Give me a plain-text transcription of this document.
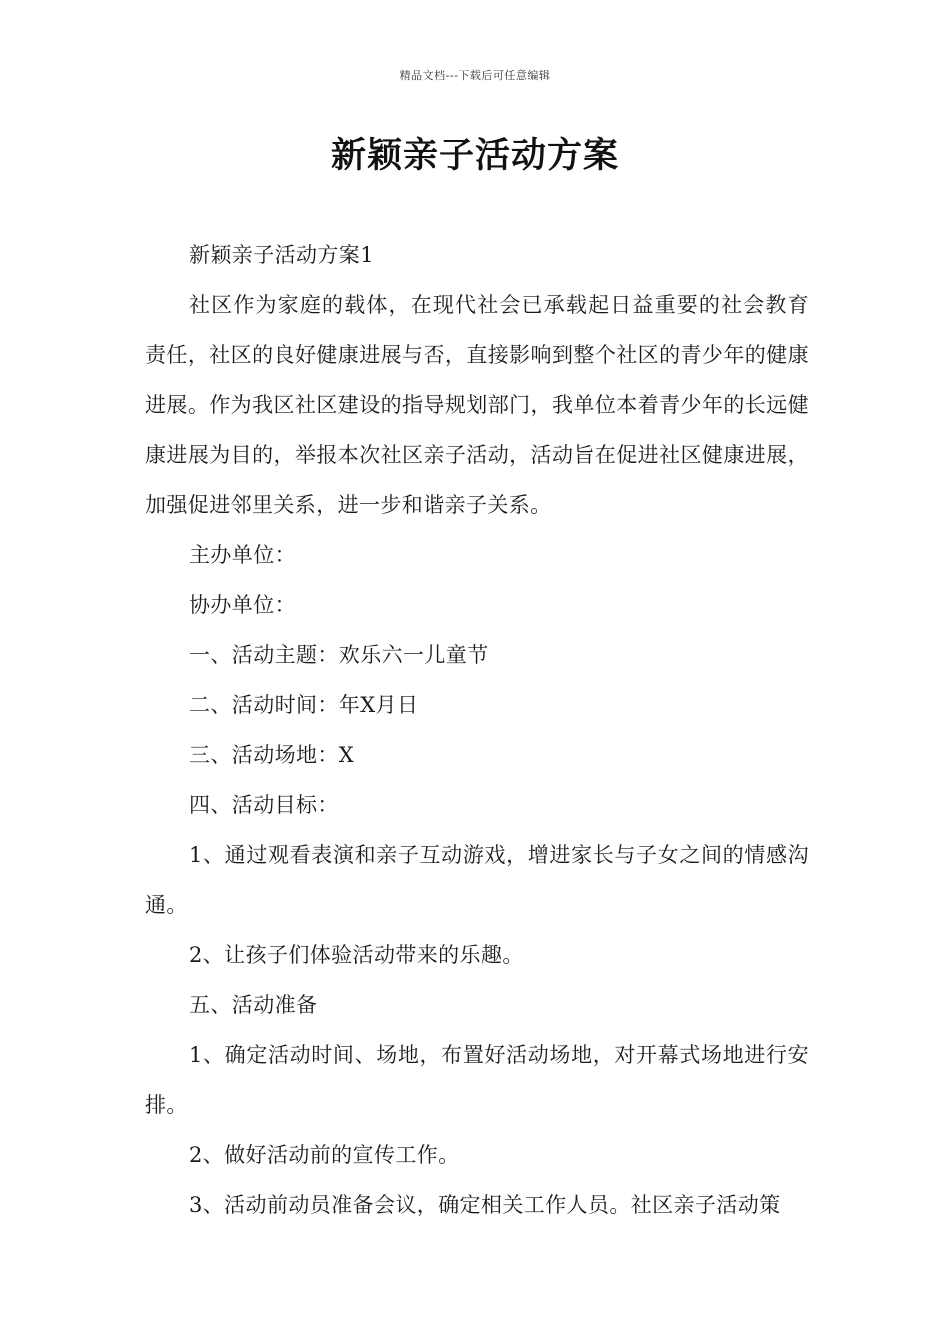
精品文档---下载后可任意编辑
新颖亲子活动方案

新颖亲子活动方案1

社区作为家庭的载体，在现代社会已承载起日益重要的社会教育责任，社区的良好健康进展与否，直接影响到整个社区的青少年的健康进展。作为我区社区建设的指导规划部门，我单位本着青少年的长远健康进展为目的，举报本次社区亲子活动，活动旨在促进社区健康进展，加强促进邻里关系，进一步和谐亲子关系。

主办单位：

协办单位：

一、活动主题：欢乐六一儿童节

二、活动时间：年X月日

三、活动场地：X

四、活动目标：

1、通过观看表演和亲子互动游戏，增进家长与子女之间的情感沟通。

2、让孩子们体验活动带来的乐趣。

五、活动准备

1、确定活动时间、场地，布置好活动场地，对开幕式场地进行安排。

2、做好活动前的宣传工作。

3、活动前动员准备会议，确定相关工作人员。社区亲子活动策
